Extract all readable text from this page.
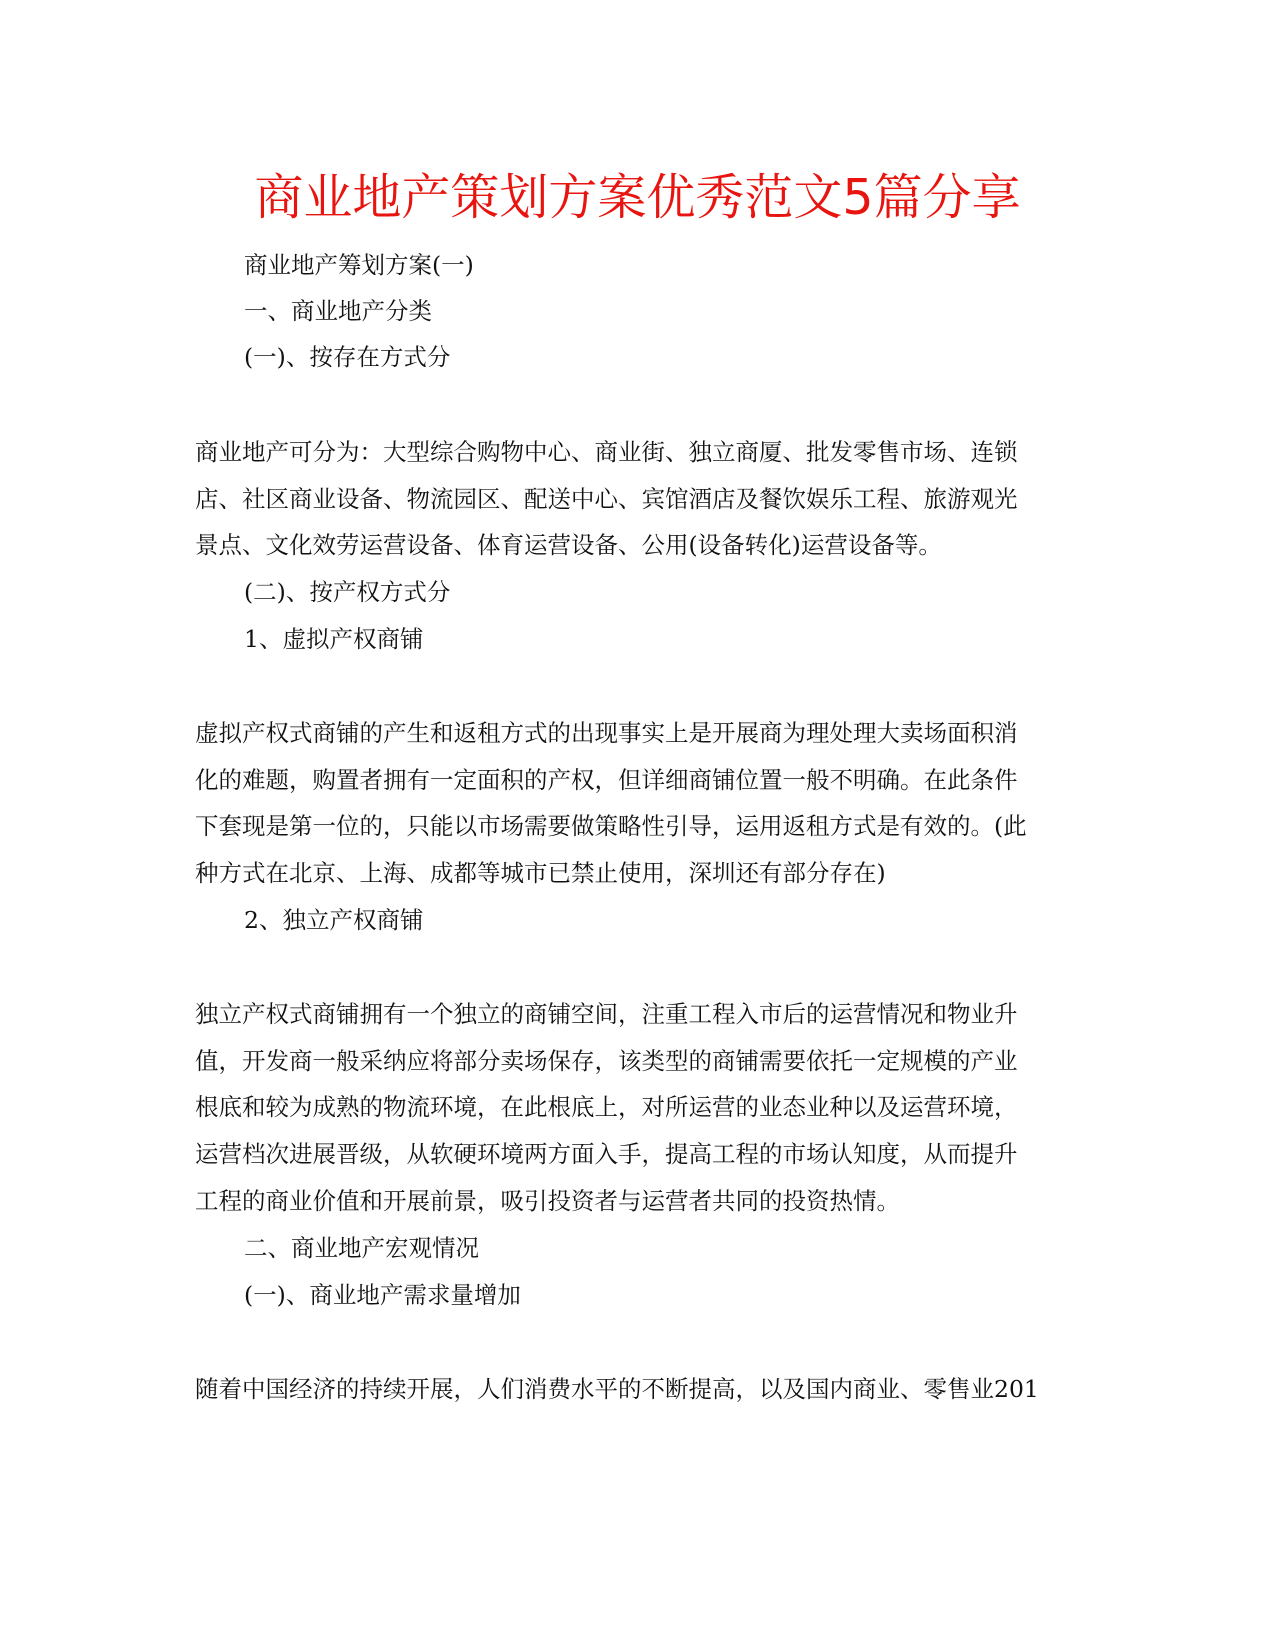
商业地产策划方案优秀范文5篇分享
商业地产筹划方案(一)
一、商业地产分类
(一)、按存在方式分
商业地产可分为：大型综合购物中心、商业街、独立商厦、批发零售市场、连锁
店、社区商业设备、物流园区、配送中心、宾馆酒店及餐饮娱乐工程、旅游观光
景点、文化效劳运营设备、体育运营设备、公用(设备转化)运营设备等。
(二)、按产权方式分
1、虚拟产权商铺
虚拟产权式商铺的产生和返租方式的出现事实上是开展商为理处理大卖场面积消
化的难题，购置者拥有一定面积的产权，但详细商铺位置一般不明确。在此条件
下套现是第一位的，只能以市场需要做策略性引导，运用返租方式是有效的。(此
种方式在北京、上海、成都等城市已禁止使用，深圳还有部分存在)
2、独立产权商铺
独立产权式商铺拥有一个独立的商铺空间，注重工程入市后的运营情况和物业升
值，开发商一般采纳应将部分卖场保存，该类型的商铺需要依托一定规模的产业
根底和较为成熟的物流环境，在此根底上，对所运营的业态业种以及运营环境，
运营档次进展晋级，从软硬环境两方面入手，提高工程的市场认知度，从而提升
工程的商业价值和开展前景，吸引投资者与运营者共同的投资热情。
二、商业地产宏观情况
(一)、商业地产需求量增加
随着中国经济的持续开展，人们消费水平的不断提高，以及国内商业、零售业201
